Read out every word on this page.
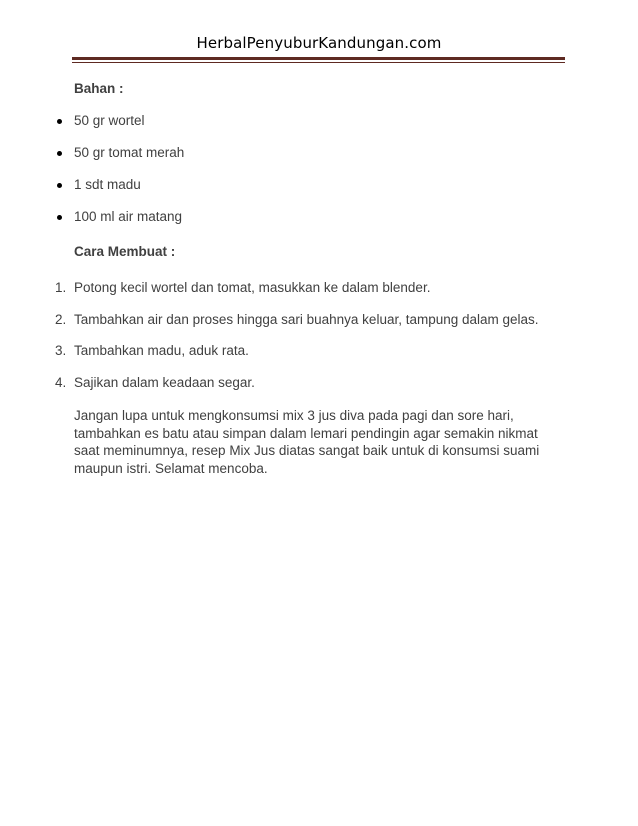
HerbalPenyuburKandungan.com
Bahan :
50 gr wortel
50 gr tomat merah
1 sdt madu
100 ml air matang
Cara Membuat :
1. Potong kecil wortel dan tomat, masukkan ke dalam blender.
2. Tambahkan air dan proses hingga sari buahnya keluar, tampung dalam gelas.
3. Tambahkan madu, aduk rata.
4. Sajikan dalam keadaan segar.
Jangan lupa untuk mengkonsumsi mix 3 jus diva pada pagi dan sore hari,
tambahkan es batu atau simpan dalam lemari pendingin agar semakin nikmat
saat meminumnya, resep Mix Jus diatas sangat baik untuk di konsumsi suami
maupun istri. Selamat mencoba.
